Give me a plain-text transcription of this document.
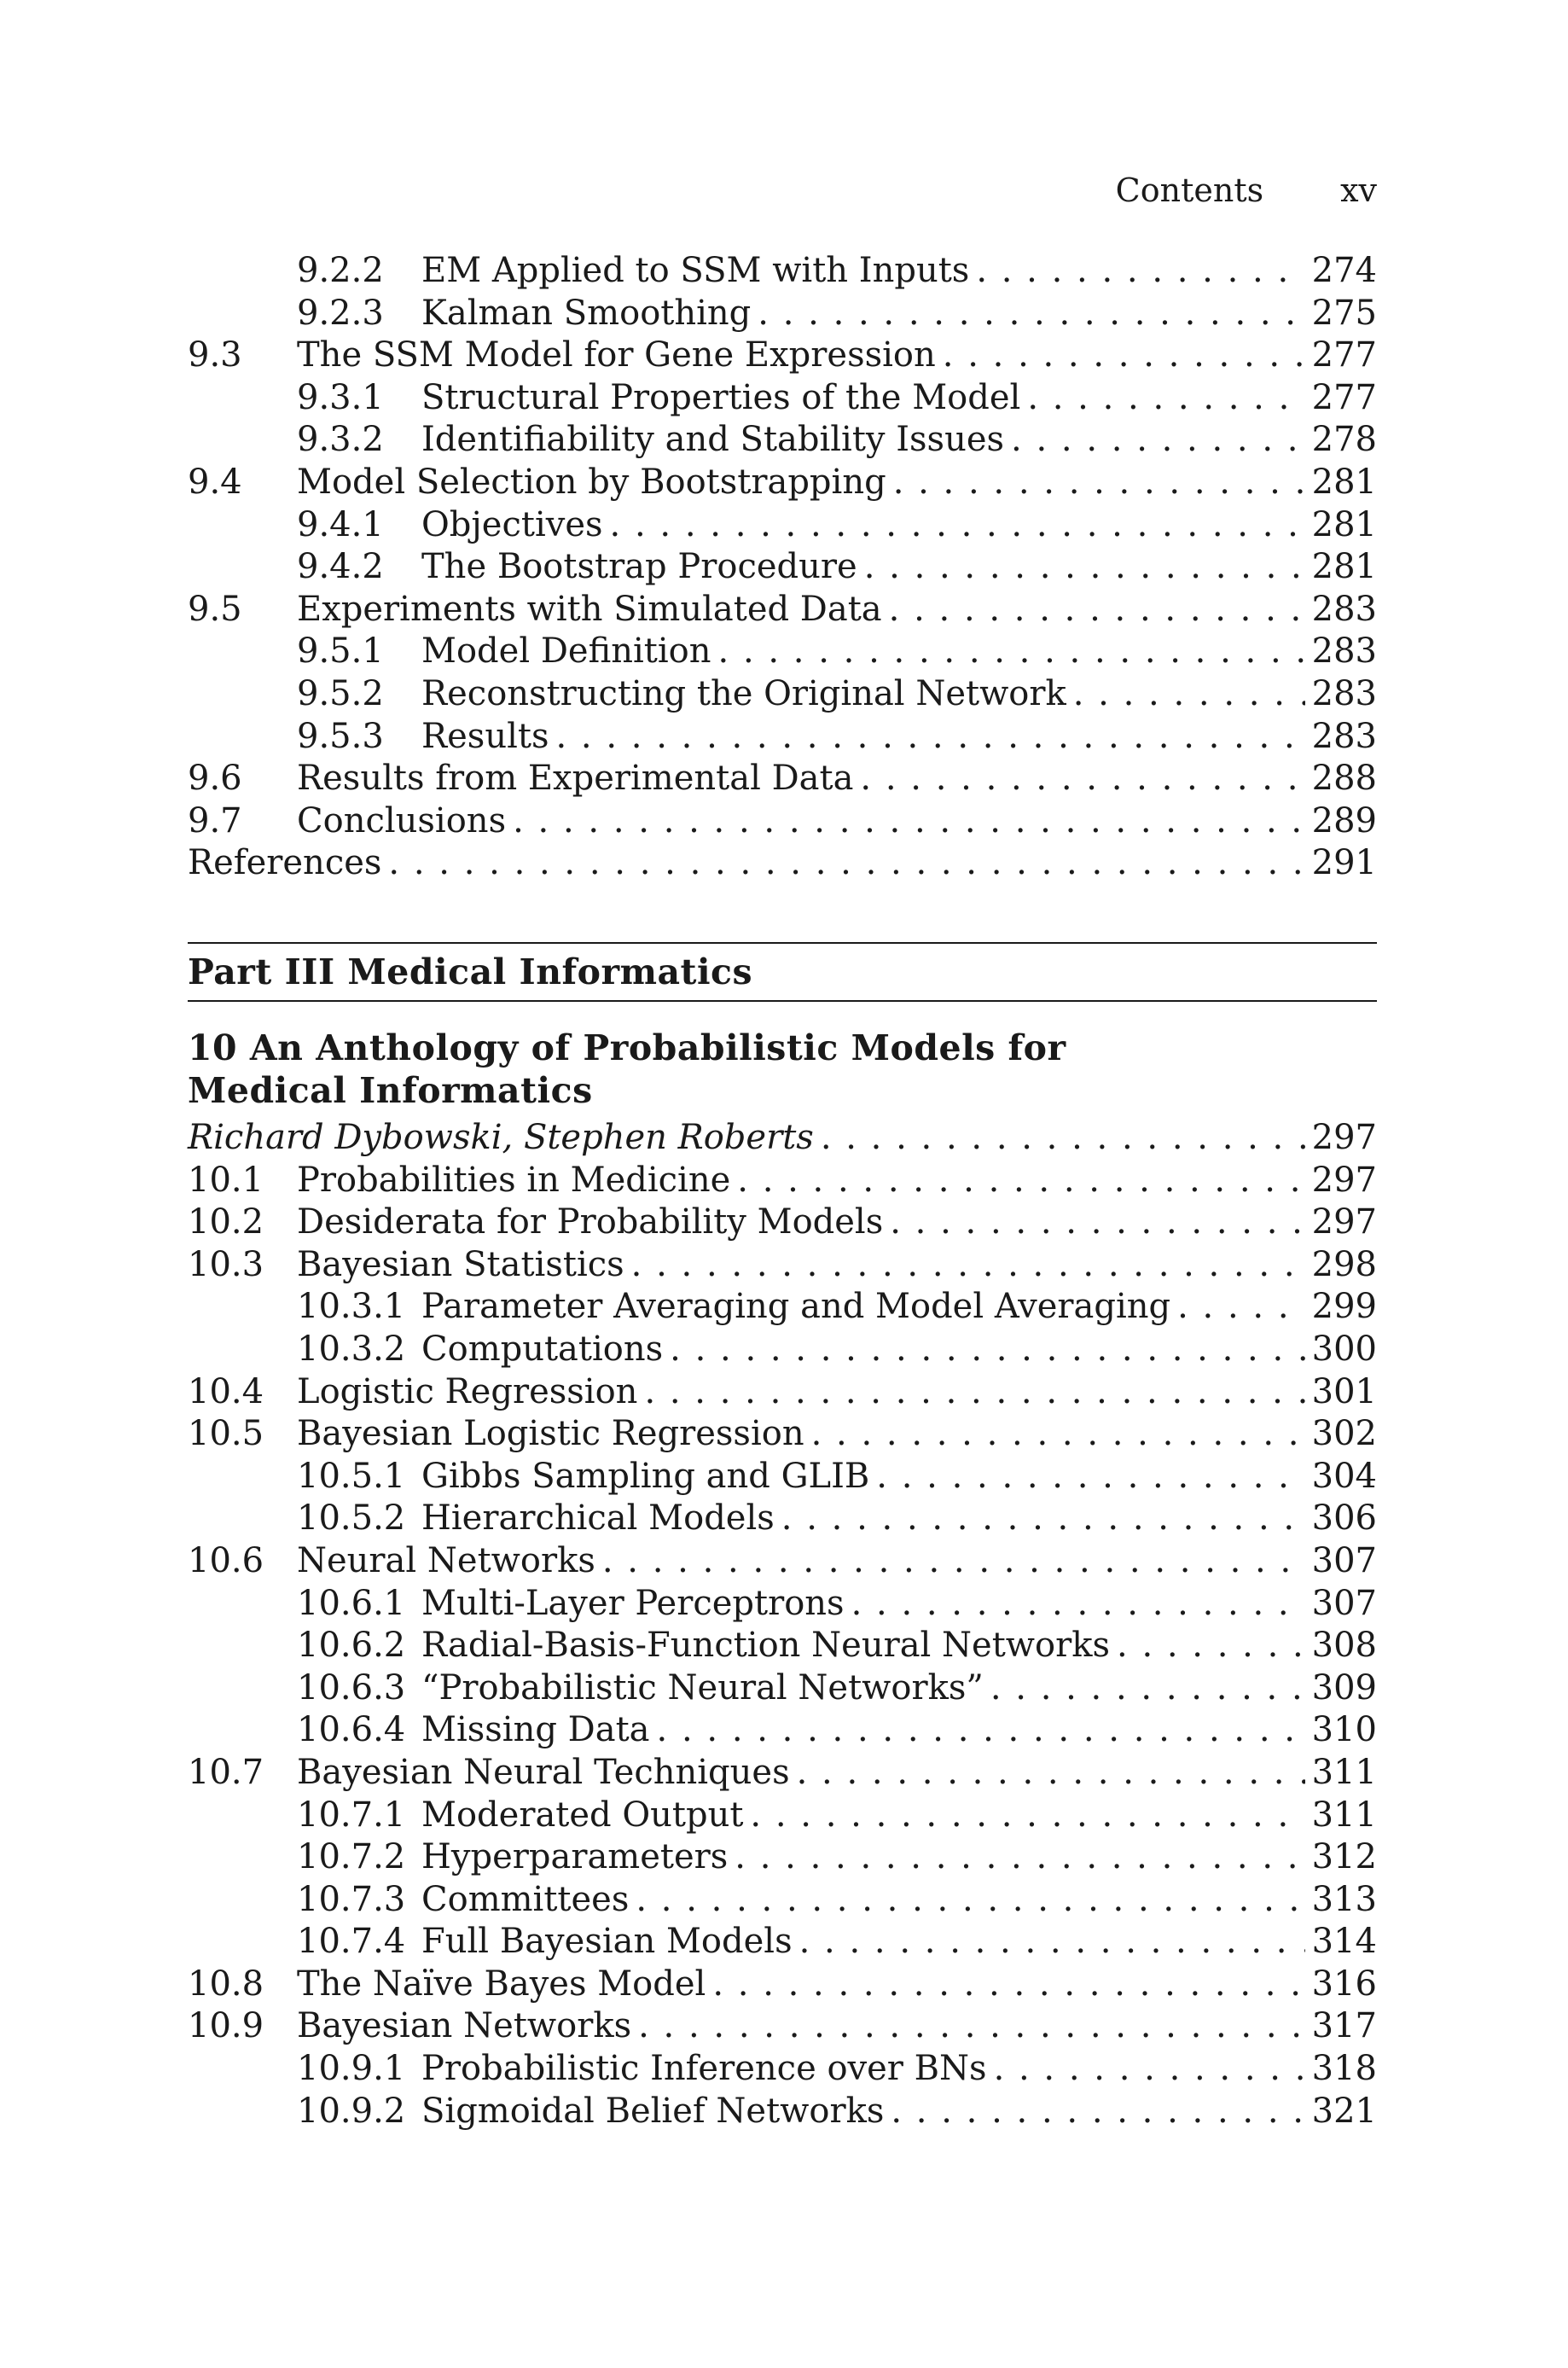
Contents xv
9.2.2	EM Applied to SSM with Inputs . . .	274
9.2.3	Kalman Smoothing . . .	275
9.3	The SSM Model for Gene Expression . . .	277
9.3.1	Structural Properties of the Model . . .	277
9.3.2	Identifiability and Stability Issues . . .	278
9.4	Model Selection by Bootstrapping . . .	281
9.4.1	Objectives . . .	281
9.4.2	The Bootstrap Procedure . . .	281
9.5	Experiments with Simulated Data . . .	283
9.5.1	Model Definition . . .	283
9.5.2	Reconstructing the Original Network . . .	283
9.5.3	Results . . .	283
9.6	Results from Experimental Data . . .	288
9.7	Conclusions . . .	289
References . . .	291
Part III Medical Informatics
10 An Anthology of Probabilistic Models for Medical Informatics
Richard Dybowski, Stephen Roberts . . .	297
10.1 Probabilities in Medicine . . .	297
10.2 Desiderata for Probability Models . . .	297
10.3 Bayesian Statistics . . .	298
10.3.1 Parameter Averaging and Model Averaging . . .	299
10.3.2 Computations . . .	300
10.4 Logistic Regression . . .	301
10.5 Bayesian Logistic Regression . . .	302
10.5.1 Gibbs Sampling and GLIB . . .	304
10.5.2 Hierarchical Models . . .	306
10.6 Neural Networks . . .	307
10.6.1 Multi-Layer Perceptrons . . .	307
10.6.2 Radial-Basis-Function Neural Networks . . .	308
10.6.3 “Probabilistic Neural Networks” . . .	309
10.6.4 Missing Data . . .	310
10.7 Bayesian Neural Techniques . . .	311
10.7.1 Moderated Output . . .	311
10.7.2 Hyperparameters . . .	312
10.7.3 Committees . . .	313
10.7.4 Full Bayesian Models . . .	314
10.8 The Naïve Bayes Model . . .	316
10.9 Bayesian Networks . . .	317
10.9.1 Probabilistic Inference over BNs . . .	318
10.9.2 Sigmoidal Belief Networks . . .	321
